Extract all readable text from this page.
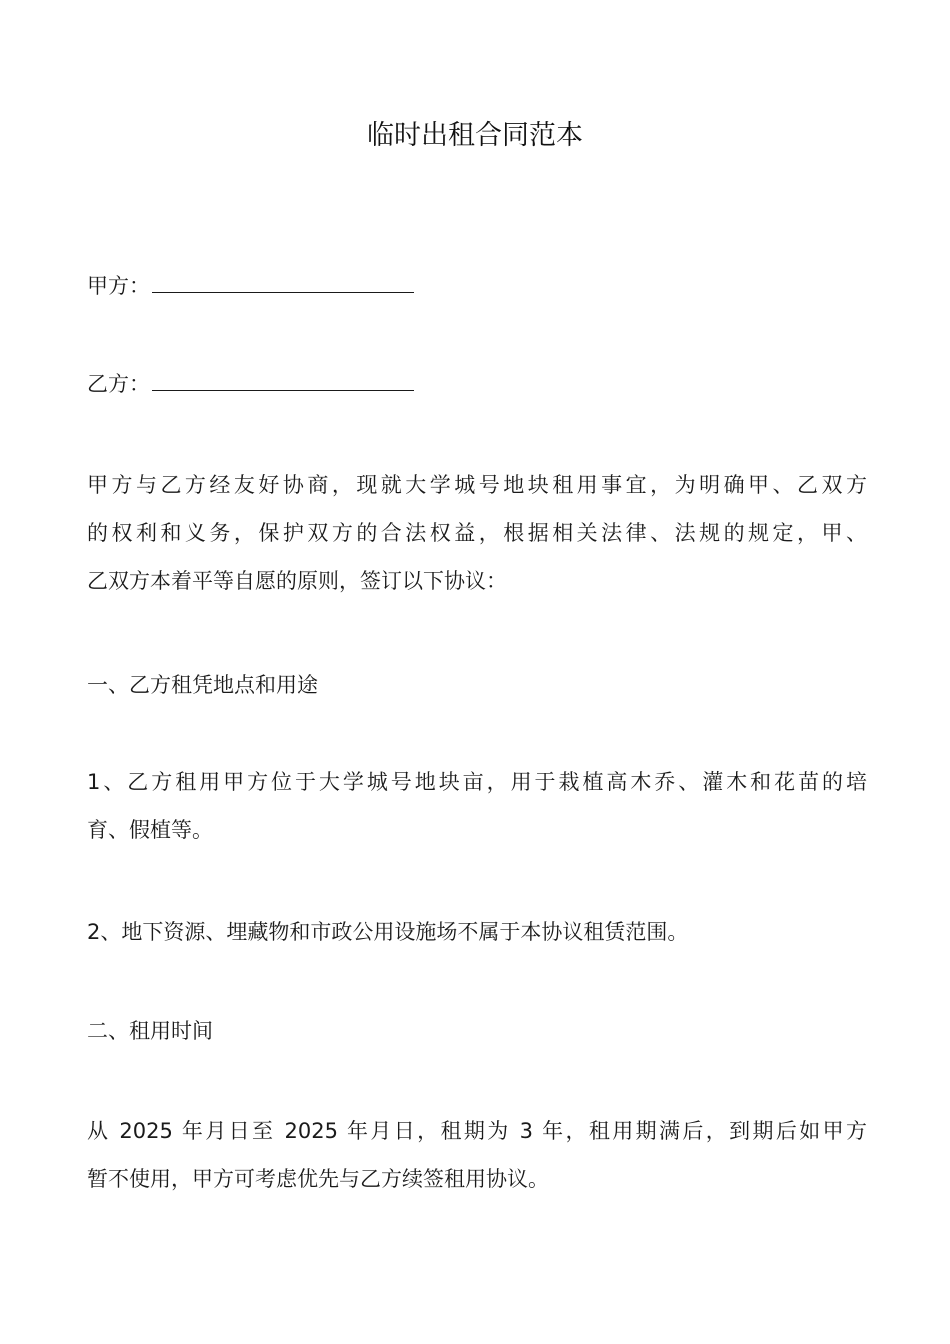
临时出租合同范本
甲方：
乙方：
甲方与乙方经友好协商，现就大学城号地块租用事宜，为明确甲、乙双方
的权利和义务，保护双方的合法权益，根据相关法律、法规的规定，甲、
乙双方本着平等自愿的原则，签订以下协议：
一、乙方租凭地点和用途
1、乙方租用甲方位于大学城号地块亩，用于栽植高木乔、灌木和花苗的培
育、假植等。
2、地下资源、埋藏物和市政公用设施场不属于本协议租赁范围。
二、租用时间
从 2025 年月日至 2025 年月日，租期为 3 年，租用期满后，到期后如甲方
暂不使用，甲方可考虑优先与乙方续签租用协议。
